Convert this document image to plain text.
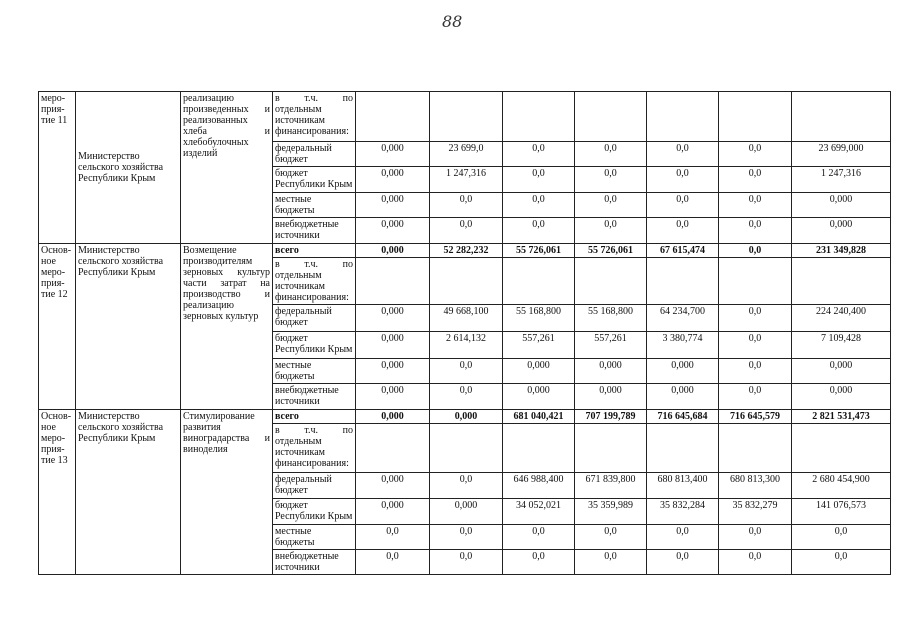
88
меро-прия-тие 11	Министерство сельского хозяйства Республики Крым	реализацию произведенных и реализованных хлеба и хлебобулочных изделий	в т.ч. по отдельным источникам финансирования:							
			федеральный бюджет	0,000	23 699,0	0,0	0,0	0,0	0,0	23 699,000
			бюджет Республики Крым	0,000	1 247,316	0,0	0,0	0,0	0,0	1 247,316
			местные бюджеты	0,000	0,0	0,0	0,0	0,0	0,0	0,000
			внебюджетные источники	0,000	0,0	0,0	0,0	0,0	0,0	0,000
Основ-ное меро-прия-тие 12	Министерство сельского хозяйства Республики Крым	Возмещение производителям зерновых культур части затрат на производство и реализацию зерновых культур	всего	0,000	52 282,232	55 726,061	55 726,061	67 615,474	0,0	231 349,828
			в т.ч. по отдельным источникам финансирования:							
			федеральный бюджет	0,000	49 668,100	55 168,800	55 168,800	64 234,700	0,0	224 240,400
			бюджет Республики Крым	0,000	2 614,132	557,261	557,261	3 380,774	0,0	7 109,428
			местные бюджеты	0,000	0,0	0,000	0,000	0,000	0,0	0,000
			внебюджетные источники	0,000	0,0	0,000	0,000	0,000	0,0	0,000
Основ-ное меро-прия-тие 13	Министерство сельского хозяйства Республики Крым	Стимулирование развития виноградарства и виноделия	всего	0,000	0,000	681 040,421	707 199,789	716 645,684	716 645,579	2 821 531,473
			в т.ч. по отдельным источникам финансирования:							
			федеральный бюджет	0,000	0,0	646 988,400	671 839,800	680 813,400	680 813,300	2 680 454,900
			бюджет Республики Крым	0,000	0,000	34 052,021	35 359,989	35 832,284	35 832,279	141 076,573
			местные бюджеты	0,0	0,0	0,0	0,0	0,0	0,0	0,0
			внебюджетные источники	0,0	0,0	0,0	0,0	0,0	0,0	0,0
